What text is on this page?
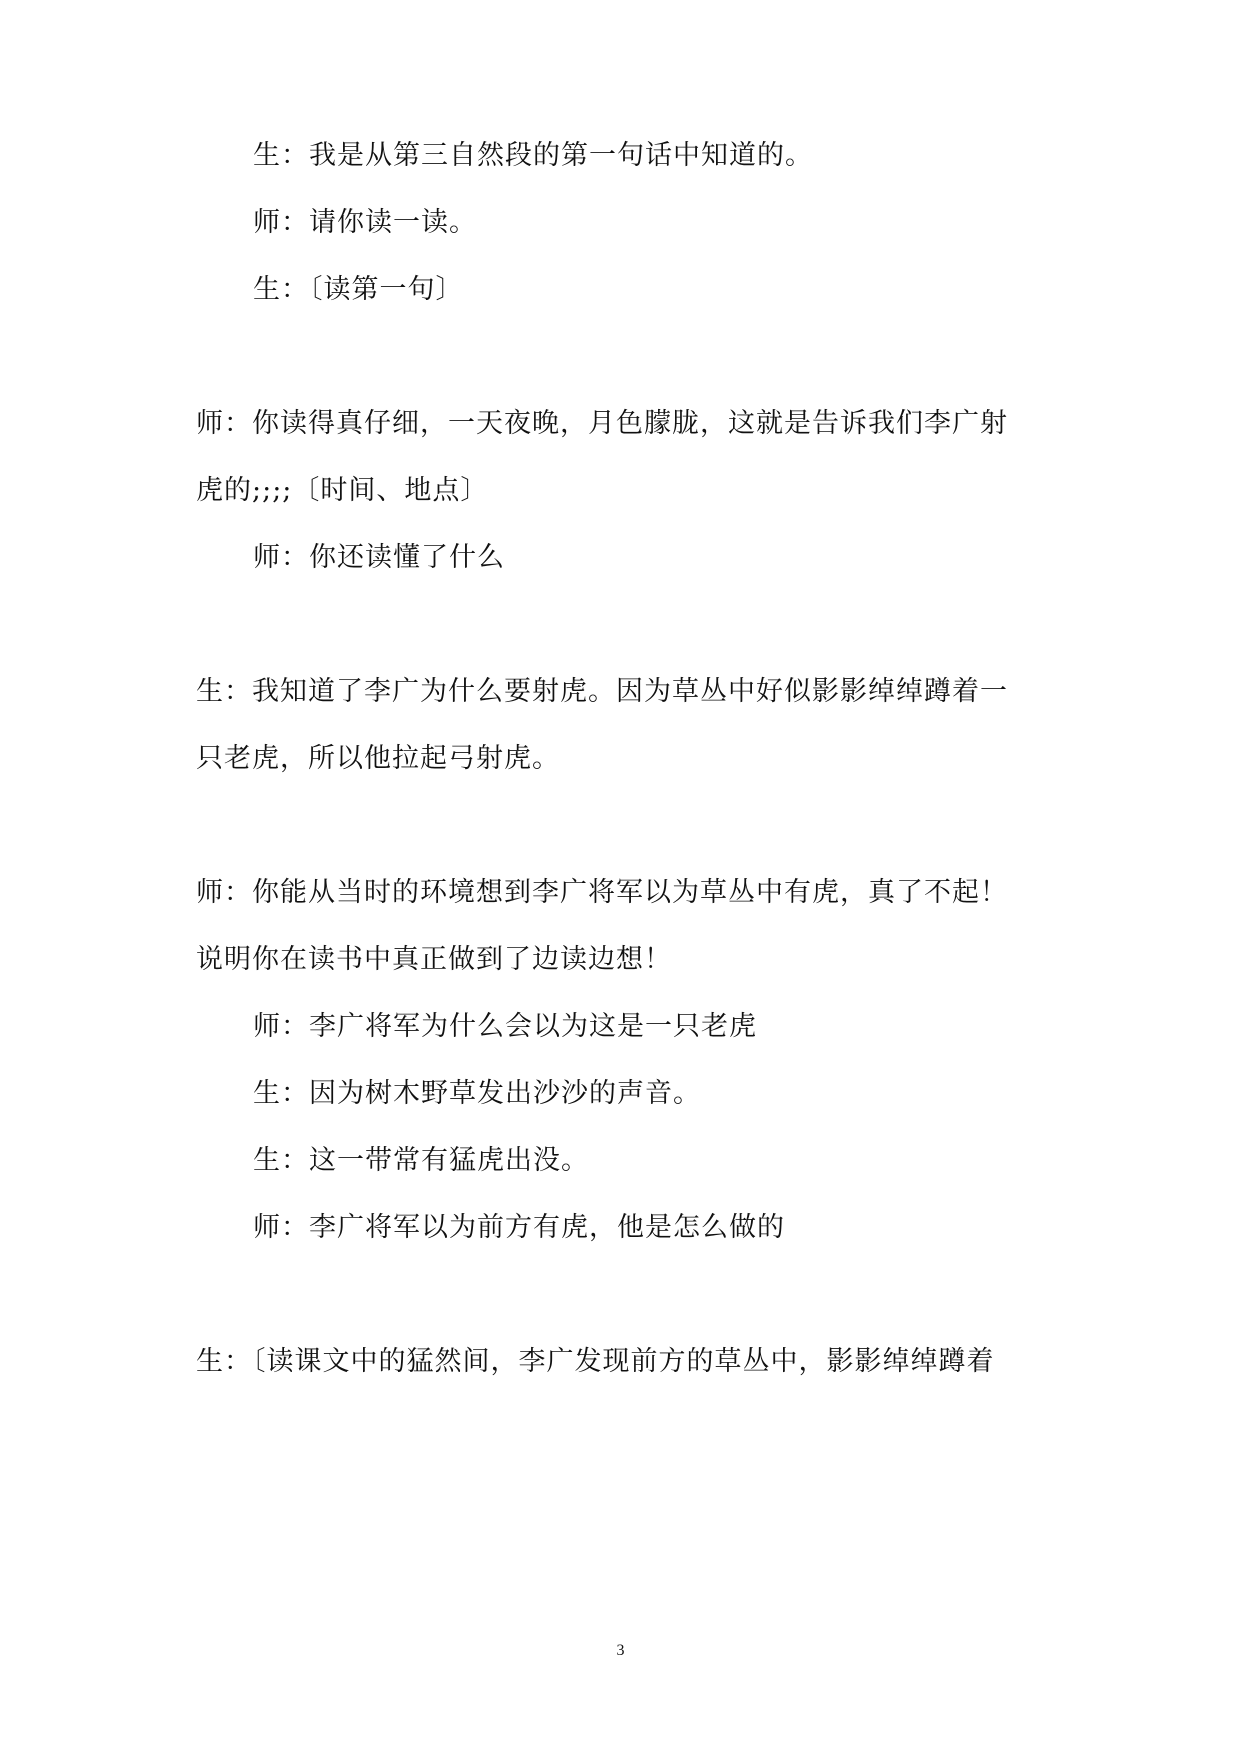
生：我是从第三自然段的第一句话中知道的。
师：请你读一读。
生：〔读第一句〕
师：你读得真仔细，一天夜晚，月色朦胧，这就是告诉我们李广射
虎的;;;;〔时间、地点〕
师：你还读懂了什么
生：我知道了李广为什么要射虎。因为草丛中好似影影绰绰蹲着一
只老虎，所以他拉起弓射虎。
师：你能从当时的环境想到李广将军以为草丛中有虎，真了不起！
说明你在读书中真正做到了边读边想！
师：李广将军为什么会以为这是一只老虎
生：因为树木野草发出沙沙的声音。
生：这一带常有猛虎出没。
师：李广将军以为前方有虎，他是怎么做的
生：〔读课文中的猛然间，李广发现前方的草丛中，影影绰绰蹲着
3
